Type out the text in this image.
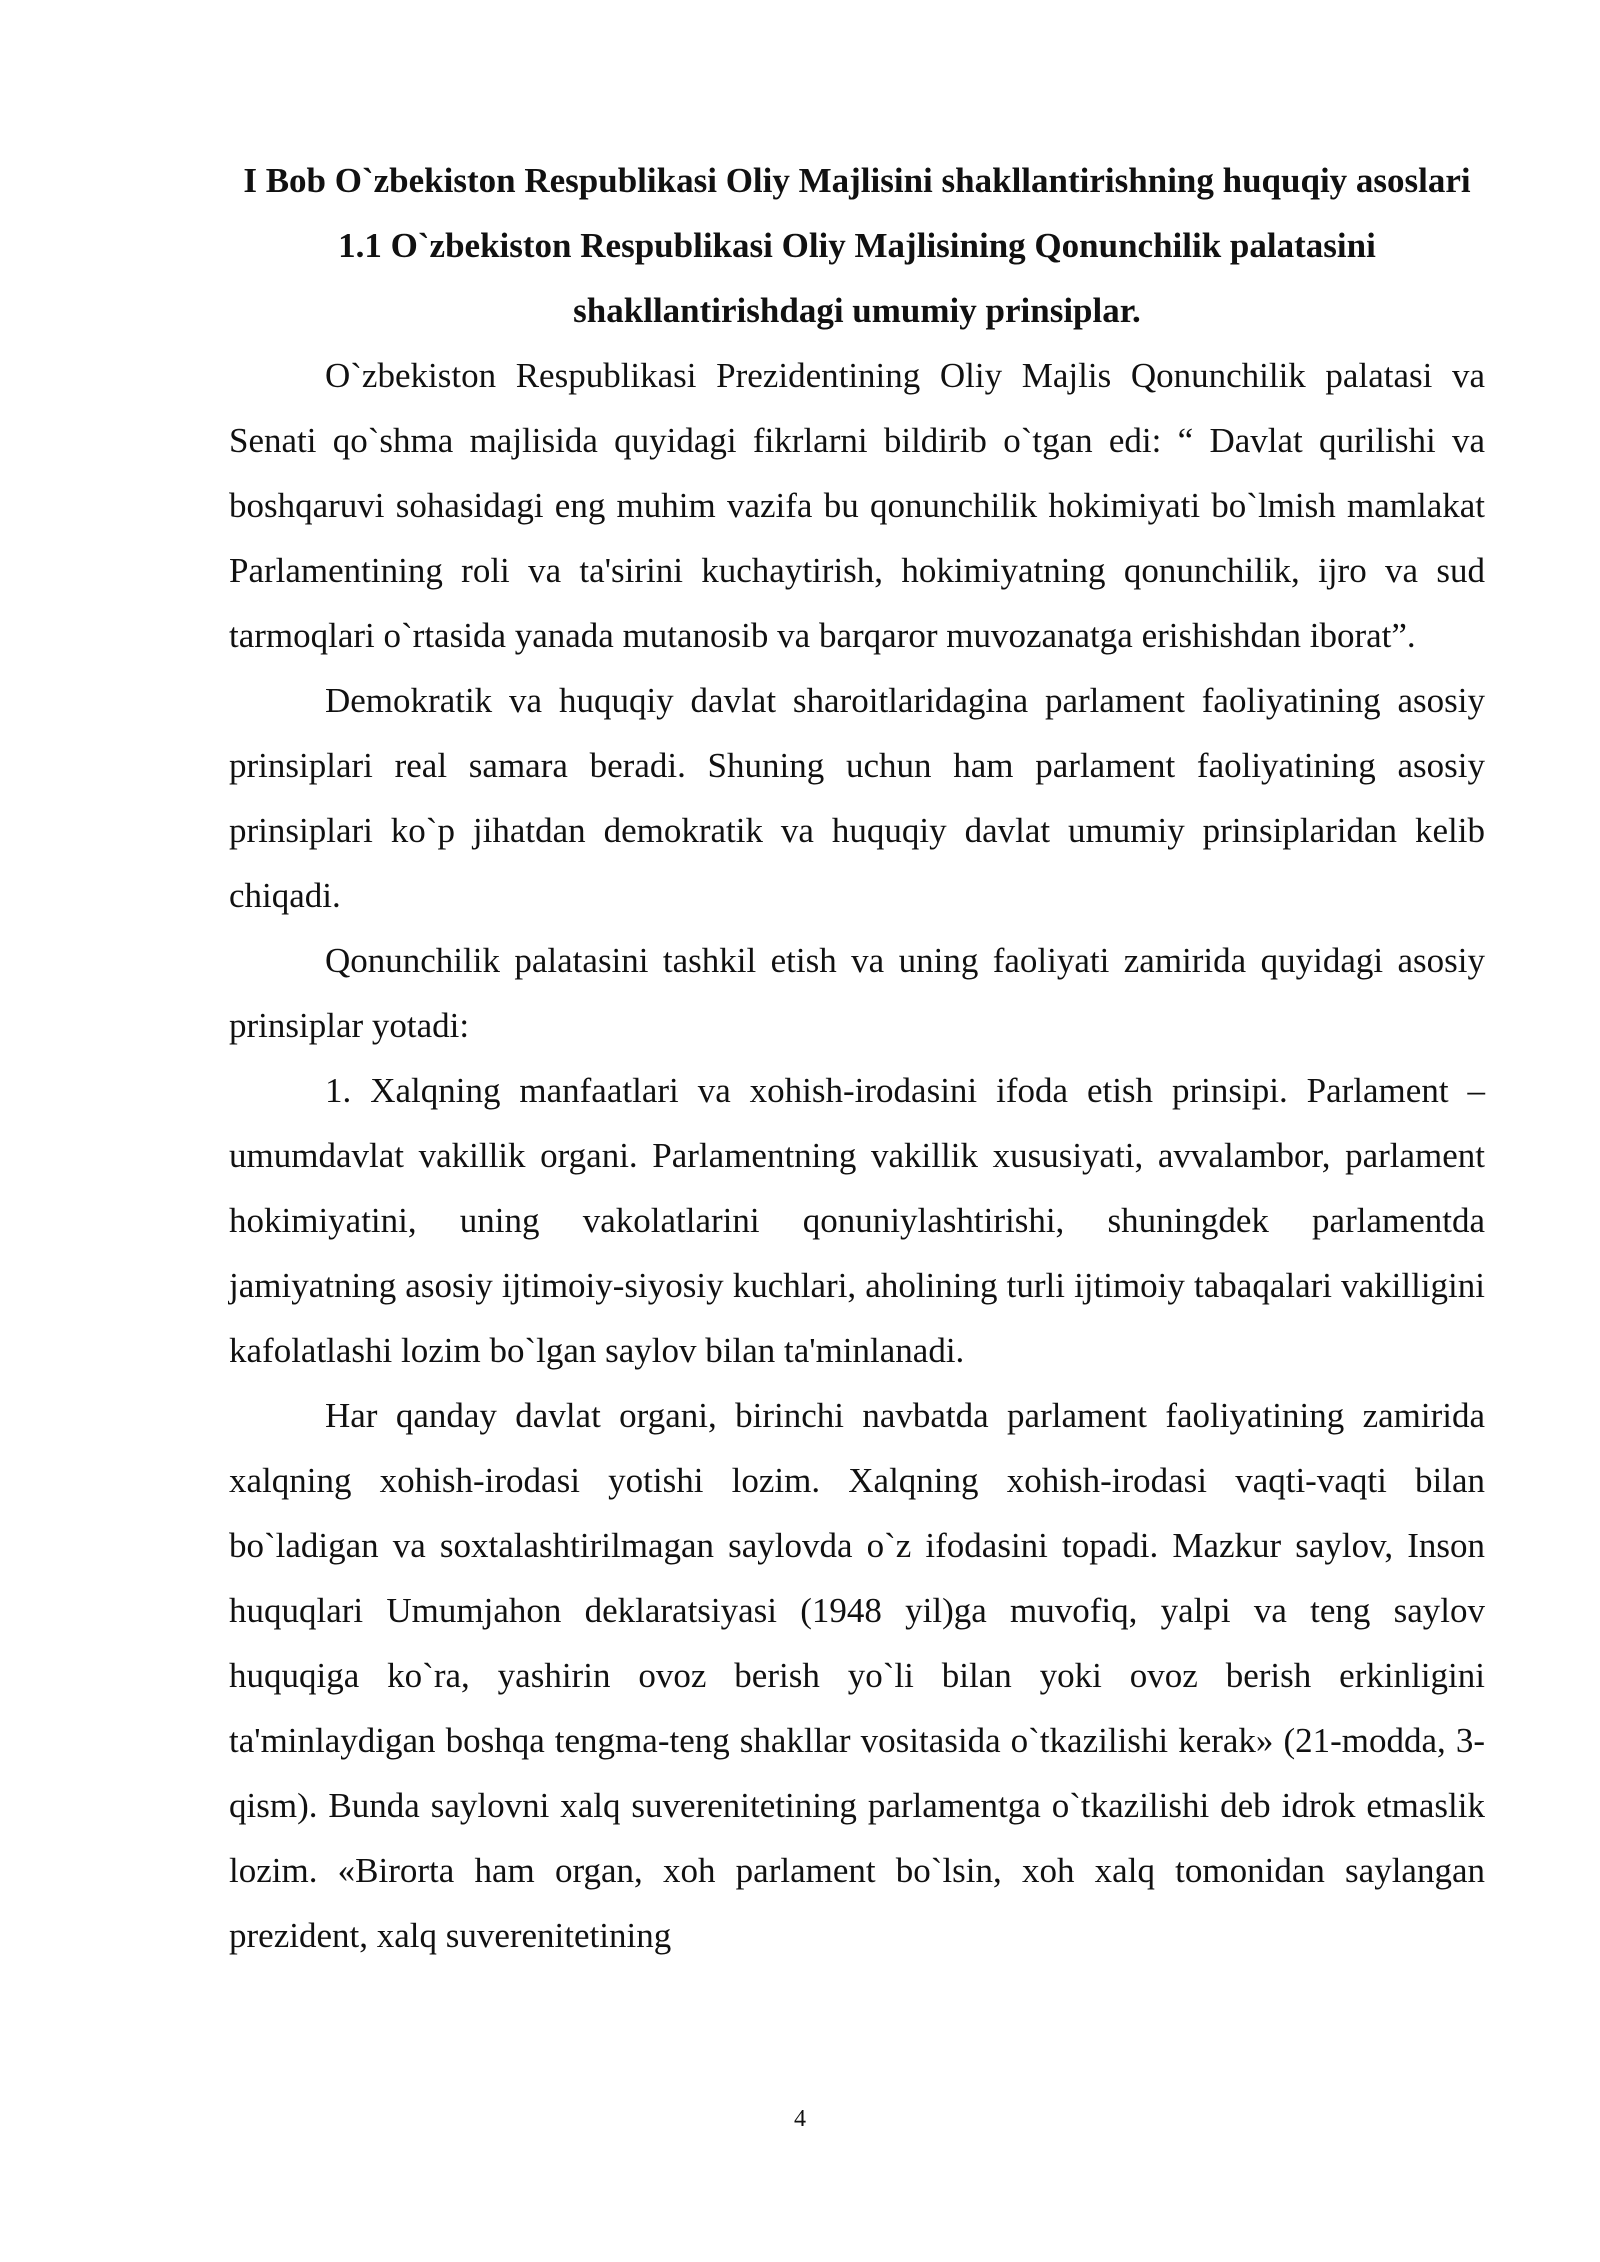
I Bob O`zbekiston Respublikasi Oliy Majlisini shakllantirishning huquqiy asoslari

1.1 O`zbekiston Respublikasi Oliy Majlisining Qonunchilik palatasini shakllantirishdagi umumiy prinsiplar.

O`zbekiston Respublikasi Prezidentining Oliy Majlis Qonunchilik palatasi va Senati qo`shma majlisida quyidagi fikrlarni bildirib o`tgan edi: “ Davlat qurilishi va boshqaruvi sohasidagi eng muhim vazifa bu qonunchilik hokimiyati bo`lmish mamlakat Parlamentining roli va ta'sirini kuchaytirish, hokimiyatning qonunchilik, ijro va sud tarmoqlari o`rtasida yanada mutanosib va barqaror muvozanatga erishishdan iborat”.

Demokratik va huquqiy davlat sharoitlaridagina parlament faoliyatining asosiy prinsiplari real samara beradi. Shuning uchun ham parlament faoliyatining asosiy prinsiplari ko`p jihatdan demokratik va huquqiy davlat umumiy prinsiplaridan kelib chiqadi.

Qonunchilik palatasini tashkil etish va uning faoliyati zamirida quyidagi asosiy prinsiplar yotadi:

1. Xalqning manfaatlari va xohish-irodasini ifoda etish prinsipi. Parlament – umumdavlat vakillik organi. Parlamentning vakillik xususiyati, avvalambor, parlament hokimiyatini, uning vakolatlarini qonuniylashtirishi, shuningdek parlamentda jamiyatning asosiy ijtimoiy-siyosiy kuchlari, aholining turli ijtimoiy tabaqalari vakilligini kafolatlashi lozim bo`lgan saylov bilan ta'minlanadi.

Har qanday davlat organi, birinchi navbatda parlament faoliyatining zamirida xalqning xohish-irodasi yotishi lozim. Xalqning xohish-irodasi vaqti-vaqti bilan bo`ladigan va soxtalashtirilmagan saylovda o`z ifodasini topadi. Mazkur saylov, Inson huquqlari Umumjahon deklaratsiyasi (1948 yil)ga muvofiq, yalpi va teng saylov huquqiga ko`ra, yashirin ovoz berish yo`li bilan yoki ovoz berish erkinligini ta'minlaydigan boshqa tengma-teng shakllar vositasida o`tkazilishi kerak» (21-modda, 3-qism). Bunda saylovni xalq suverenitetining parlamentga o`tkazilishi deb idrok etmaslik lozim. «Birorta ham organ, xoh parlament bo`lsin, xoh xalq tomonidan saylangan prezident, xalq suverenitetining

4
